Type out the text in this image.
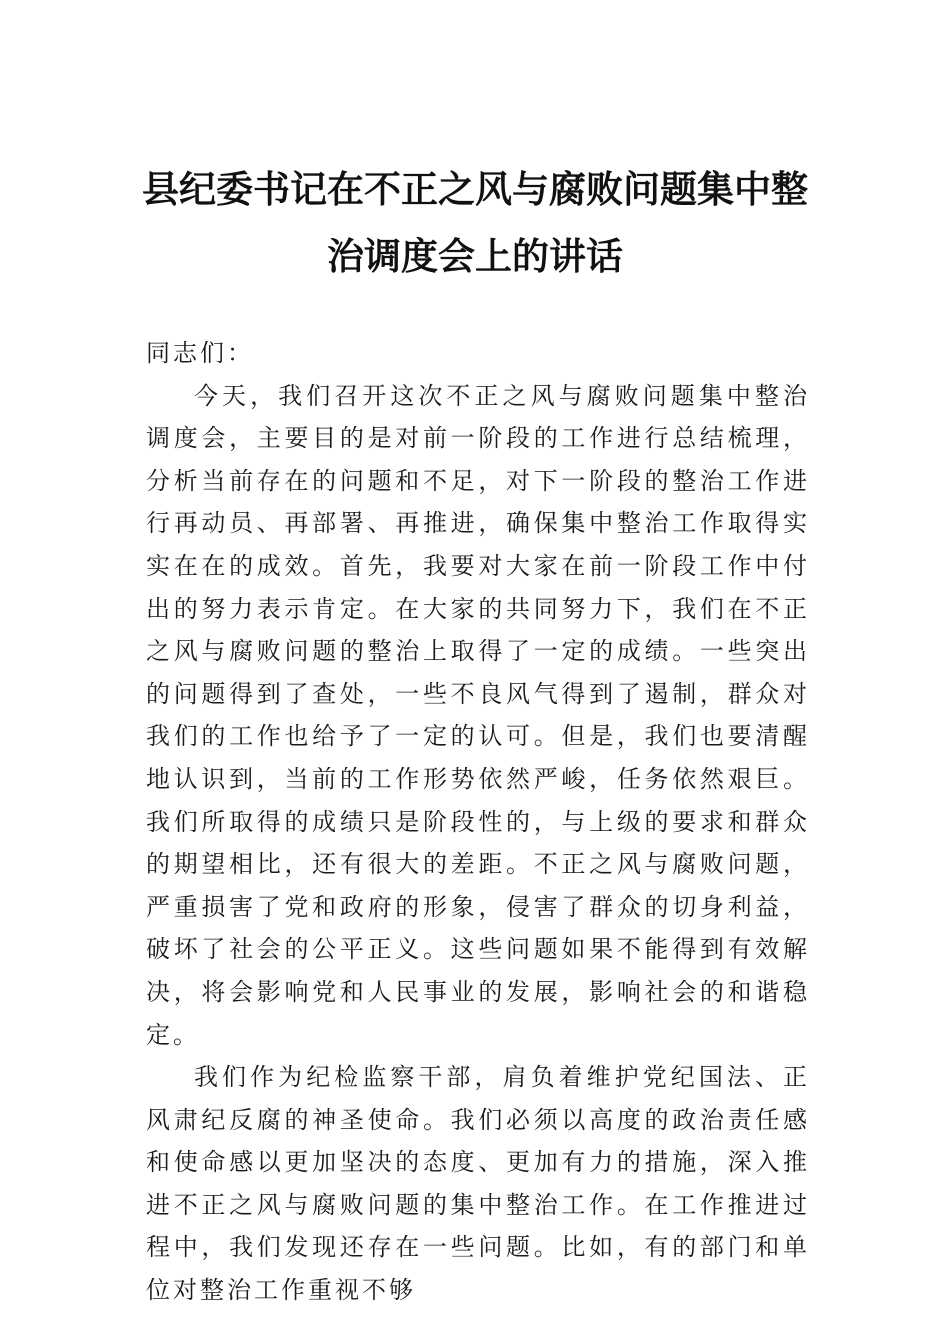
县纪委书记在不正之风与腐败问题集中整治调度会上的讲话

同志们：

今天，我们召开这次不正之风与腐败问题集中整治调度会，主要目的是对前一阶段的工作进行总结梳理，分析当前存在的问题和不足，对下一阶段的整治工作进行再动员、再部署、再推进，确保集中整治工作取得实实在在的成效。首先，我要对大家在前一阶段工作中付出的努力表示肯定。在大家的共同努力下，我们在不正之风与腐败问题的整治上取得了一定的成绩。一些突出的问题得到了查处，一些不良风气得到了遏制，群众对我们的工作也给予了一定的认可。但是，我们也要清醒地认识到，当前的工作形势依然严峻，任务依然艰巨。我们所取得的成绩只是阶段性的，与上级的要求和群众的期望相比，还有很大的差距。不正之风与腐败问题，严重损害了党和政府的形象，侵害了群众的切身利益，破坏了社会的公平正义。这些问题如果不能得到有效解决，将会影响党和人民事业的发展，影响社会的和谐稳定。

我们作为纪检监察干部，肩负着维护党纪国法、正风肃纪反腐的神圣使命。我们必须以高度的政治责任感和使命感以更加坚决的态度、更加有力的措施，深入推进不正之风与腐败问题的集中整治工作。在工作推进过程中，我们发现还存在一些问题。比如，有的部门和单位对整治工作重视不够
